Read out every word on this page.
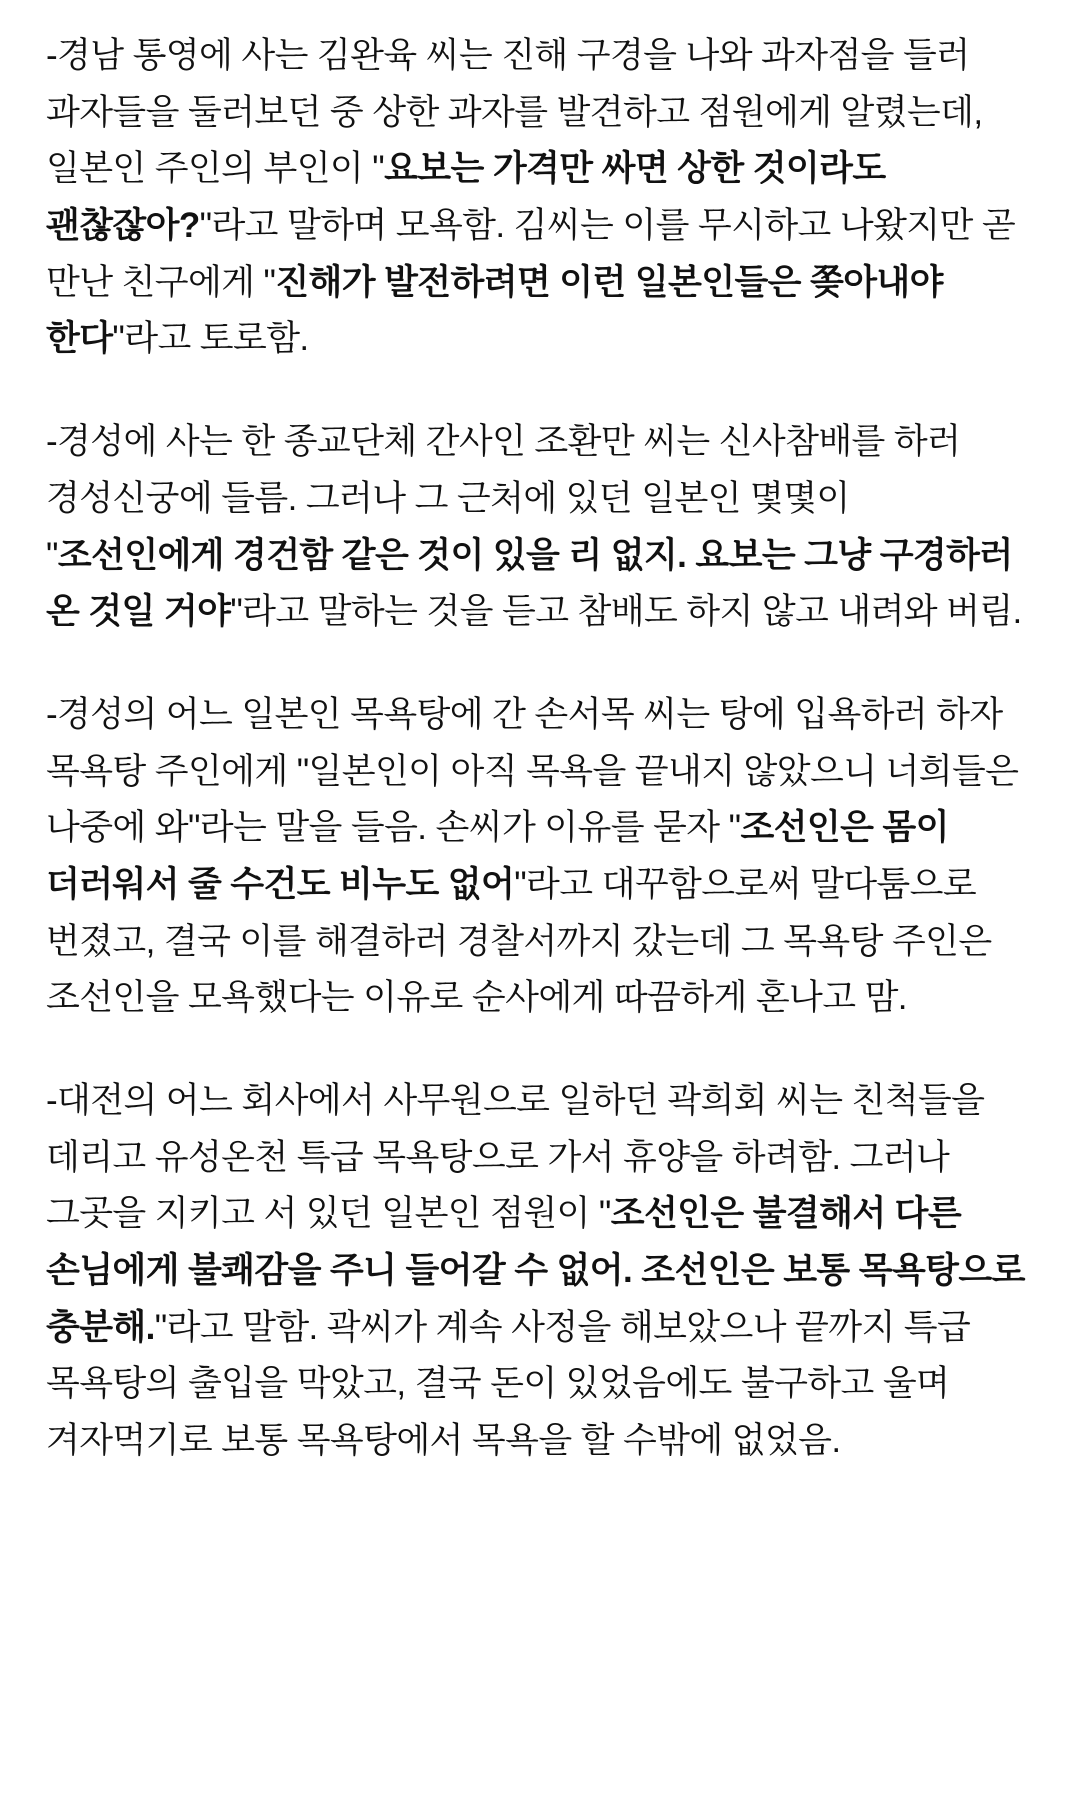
-경남 통영에 사는 김완육 씨는 진해 구경을 나와 과자점을 들러 과자들을 둘러보던 중 상한 과자를 발견하고 점원에게 알렸는데, 일본인 주인의 부인이 "요보는 가격만 싸면 상한 것이라도 괜찮잖아?"라고 말하며 모욕함. 김씨는 이를 무시하고 나왔지만 곧 만난 친구에게 "진해가 발전하려면 이런 일본인들은 쫒아내야 한다"라고 토로함.

-경성에 사는 한 종교단체 간사인 조환만 씨는 신사참배를 하러 경성신궁에 들름. 그러나 그 근처에 있던 일본인 몇몇이 "조선인에게 경건함 같은 것이 있을 리 없지. 요보는 그냥 구경하러 온 것일 거야"라고 말하는 것을 듣고 참배도 하지 않고 내려와 버림.

-경성의 어느 일본인 목욕탕에 간 손서목 씨는 탕에 입욕하러 하자 목욕탕 주인에게 "일본인이 아직 목욕을 끝내지 않았으니 너희들은 나중에 와"라는 말을 들음. 손씨가 이유를 묻자 "조선인은 몸이 더러워서 줄 수건도 비누도 없어"라고 대꾸함으로써 말다툼으로 번졌고, 결국 이를 해결하러 경찰서까지 갔는데 그 목욕탕 주인은 조선인을 모욕했다는 이유로 순사에게 따끔하게 혼나고 맘.

-대전의 어느 회사에서 사무원으로 일하던 곽희회 씨는 친척들을 데리고 유성온천 특급 목욕탕으로 가서 휴양을 하려함. 그러나 그곳을 지키고 서 있던 일본인 점원이 "조선인은 불결해서 다른 손님에게 불쾌감을 주니 들어갈 수 없어. 조선인은 보통 목욕탕으로 충분해."라고 말함. 곽씨가 계속 사정을 해보았으나 끝까지 특급 목욕탕의 출입을 막았고, 결국 돈이 있었음에도 불구하고 울며 겨자먹기로 보통 목욕탕에서 목욕을 할 수밖에 없었음.
